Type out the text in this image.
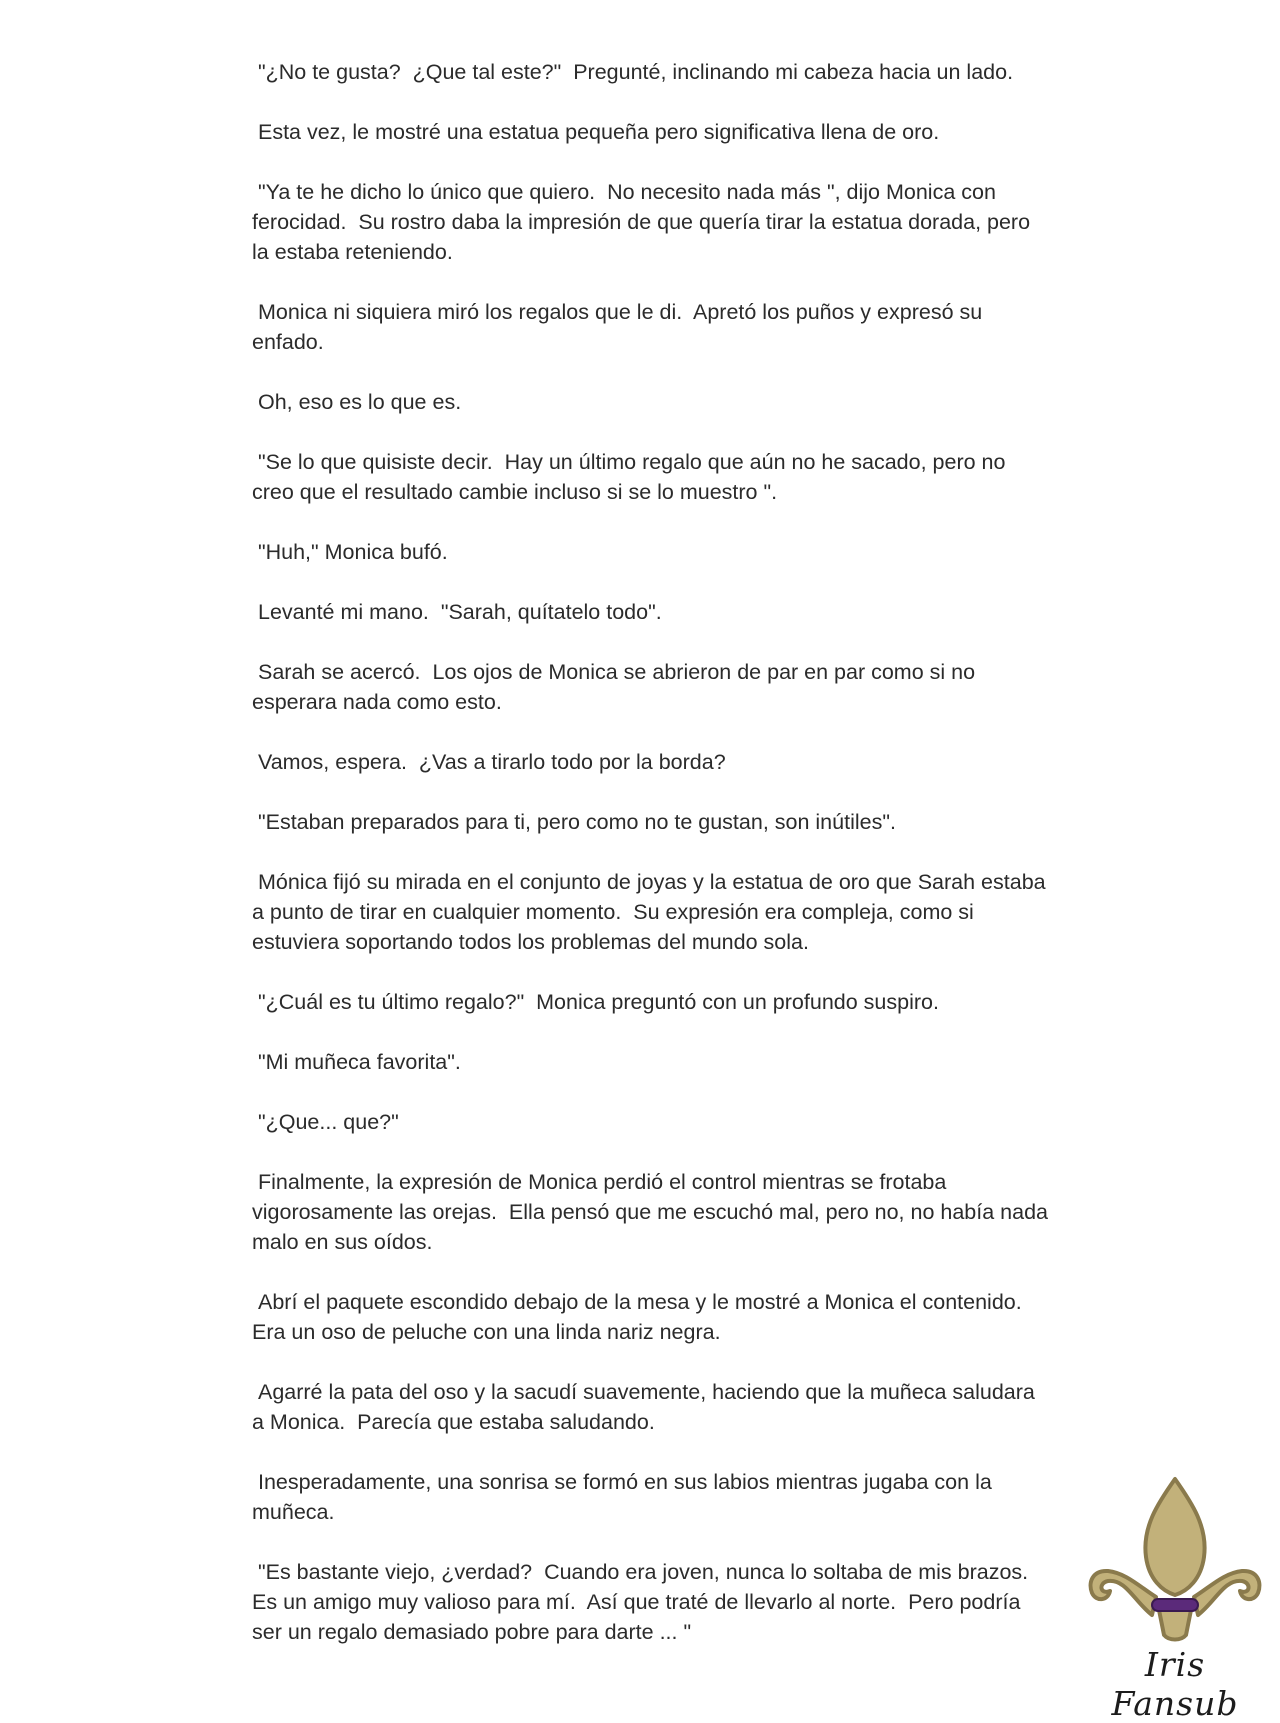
"¿No te gusta?  ¿Que tal este?"  Pregunté, inclinando mi cabeza hacia un lado.

Esta vez, le mostré una estatua pequeña pero significativa llena de oro.

"Ya te he dicho lo único que quiero.  No necesito nada más ", dijo Monica con ferocidad.  Su rostro daba la impresión de que quería tirar la estatua dorada, pero la estaba reteniendo.

Monica ni siquiera miró los regalos que le di.  Apretó los puños y expresó su enfado.

Oh, eso es lo que es.

"Se lo que quisiste decir.  Hay un último regalo que aún no he sacado, pero no creo que el resultado cambie incluso si se lo muestro ".

"Huh," Monica bufó.

Levanté mi mano.  "Sarah, quítatelo todo".

Sarah se acercó.  Los ojos de Monica se abrieron de par en par como si no esperara nada como esto.

Vamos, espera.  ¿Vas a tirarlo todo por la borda?

"Estaban preparados para ti, pero como no te gustan, son inútiles".

Mónica fijó su mirada en el conjunto de joyas y la estatua de oro que Sarah estaba a punto de tirar en cualquier momento.  Su expresión era compleja, como si estuviera soportando todos los problemas del mundo sola.

"¿Cuál es tu último regalo?"  Monica preguntó con un profundo suspiro.

"Mi muñeca favorita".

"¿Que... que?"

Finalmente, la expresión de Monica perdió el control mientras se frotaba vigorosamente las orejas.  Ella pensó que me escuchó mal, pero no, no había nada malo en sus oídos.

Abrí el paquete escondido debajo de la mesa y le mostré a Monica el contenido.  Era un oso de peluche con una linda nariz negra.

Agarré la pata del oso y la sacudí suavemente, haciendo que la muñeca saludara a Monica.  Parecía que estaba saludando.

Inesperadamente, una sonrisa se formó en sus labios mientras jugaba con la muñeca.

"Es bastante viejo, ¿verdad?  Cuando era joven, nunca lo soltaba de mis brazos.  Es un amigo muy valioso para mí.  Así que traté de llevarlo al norte.  Pero podría ser un regalo demasiado pobre para darte ... "

Iris Fansub
